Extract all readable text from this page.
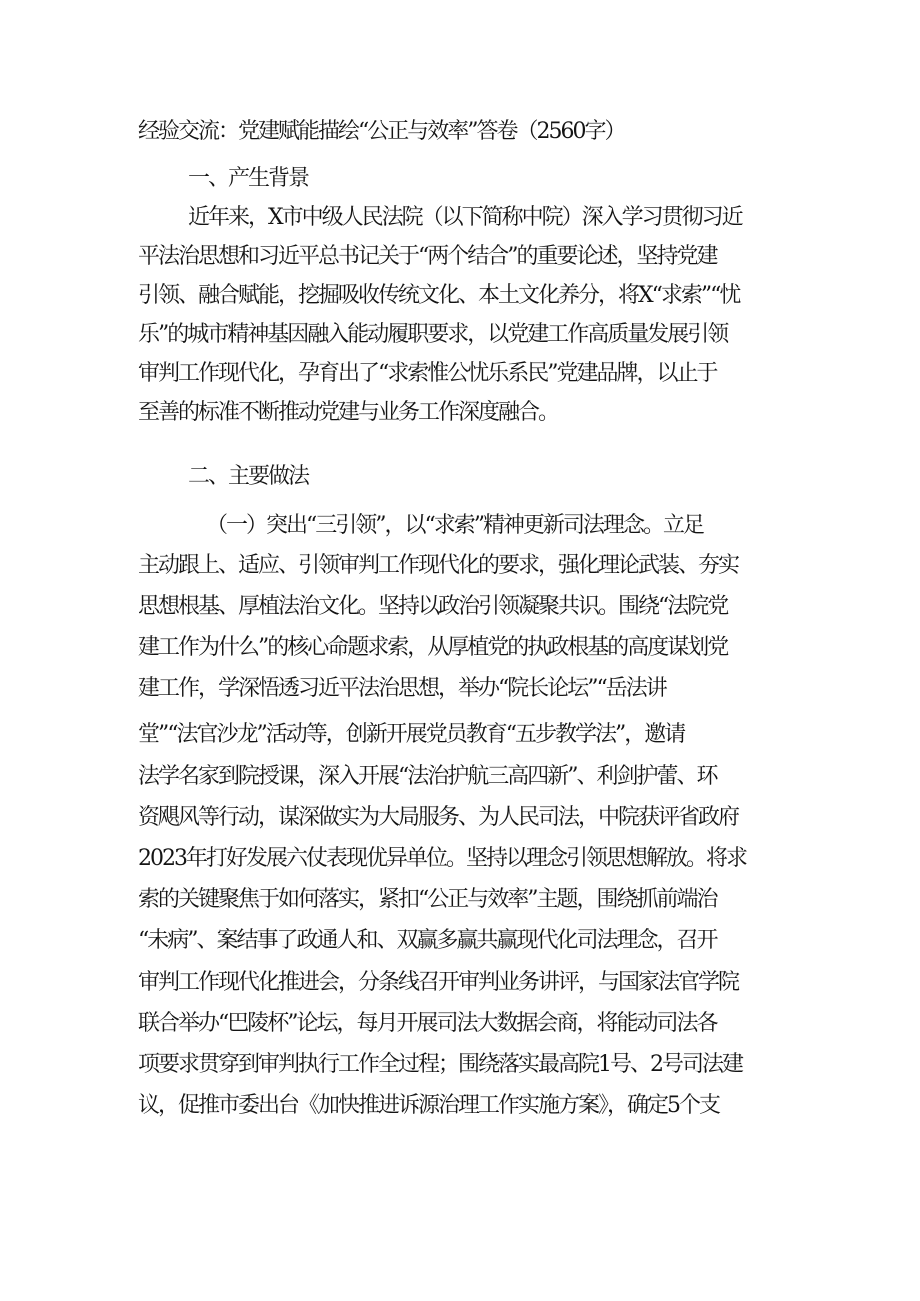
经验交流：党建赋能描绘“公正与效率”答卷（2560字）
一、产生背景
近年来，X市中级人民法院（以下简称中院）深入学习贯彻习近
平法治思想和习近平总书记关于“两个结合”的重要论述，坚持党建
引领、融合赋能，挖掘吸收传统文化、本土文化养分，将X“求索”“忧
乐”的城市精神基因融入能动履职要求，以党建工作高质量发展引领
审判工作现代化，孕育出了“求索惟公忧乐系民”党建品牌，以止于
至善的标准不断推动党建与业务工作深度融合。
二、主要做法
（一）突出“三引领”，以“求索”精神更新司法理念。立足
主动跟上、适应、引领审判工作现代化的要求，强化理论武装、夯实
思想根基、厚植法治文化。坚持以政治引领凝聚共识。围绕“法院党
建工作为什么”的核心命题求索，从厚植党的执政根基的高度谋划党
建工作，学深悟透习近平法治思想，举办“院长论坛”“岳法讲
堂”“法官沙龙”活动等，创新开展党员教育“五步教学法”，邀请
法学名家到院授课，深入开展“法治护航三高四新”、利剑护蕾、环
资飓风等行动，谋深做实为大局服务、为人民司法，中院获评省政府
2023年打好发展六仗表现优异单位。坚持以理念引领思想解放。将求
索的关键聚焦于如何落实，紧扣“公正与效率”主题，围绕抓前端治
“未病”、案结事了政通人和、双赢多赢共赢现代化司法理念，召开
审判工作现代化推进会，分条线召开审判业务讲评，与国家法官学院
联合举办“巴陵杯”论坛，每月开展司法大数据会商，将能动司法各
项要求贯穿到审判执行工作全过程；围绕落实最高院1号、2号司法建
议，促推市委出台《加快推进诉源治理工作实施方案》，确定5个支
